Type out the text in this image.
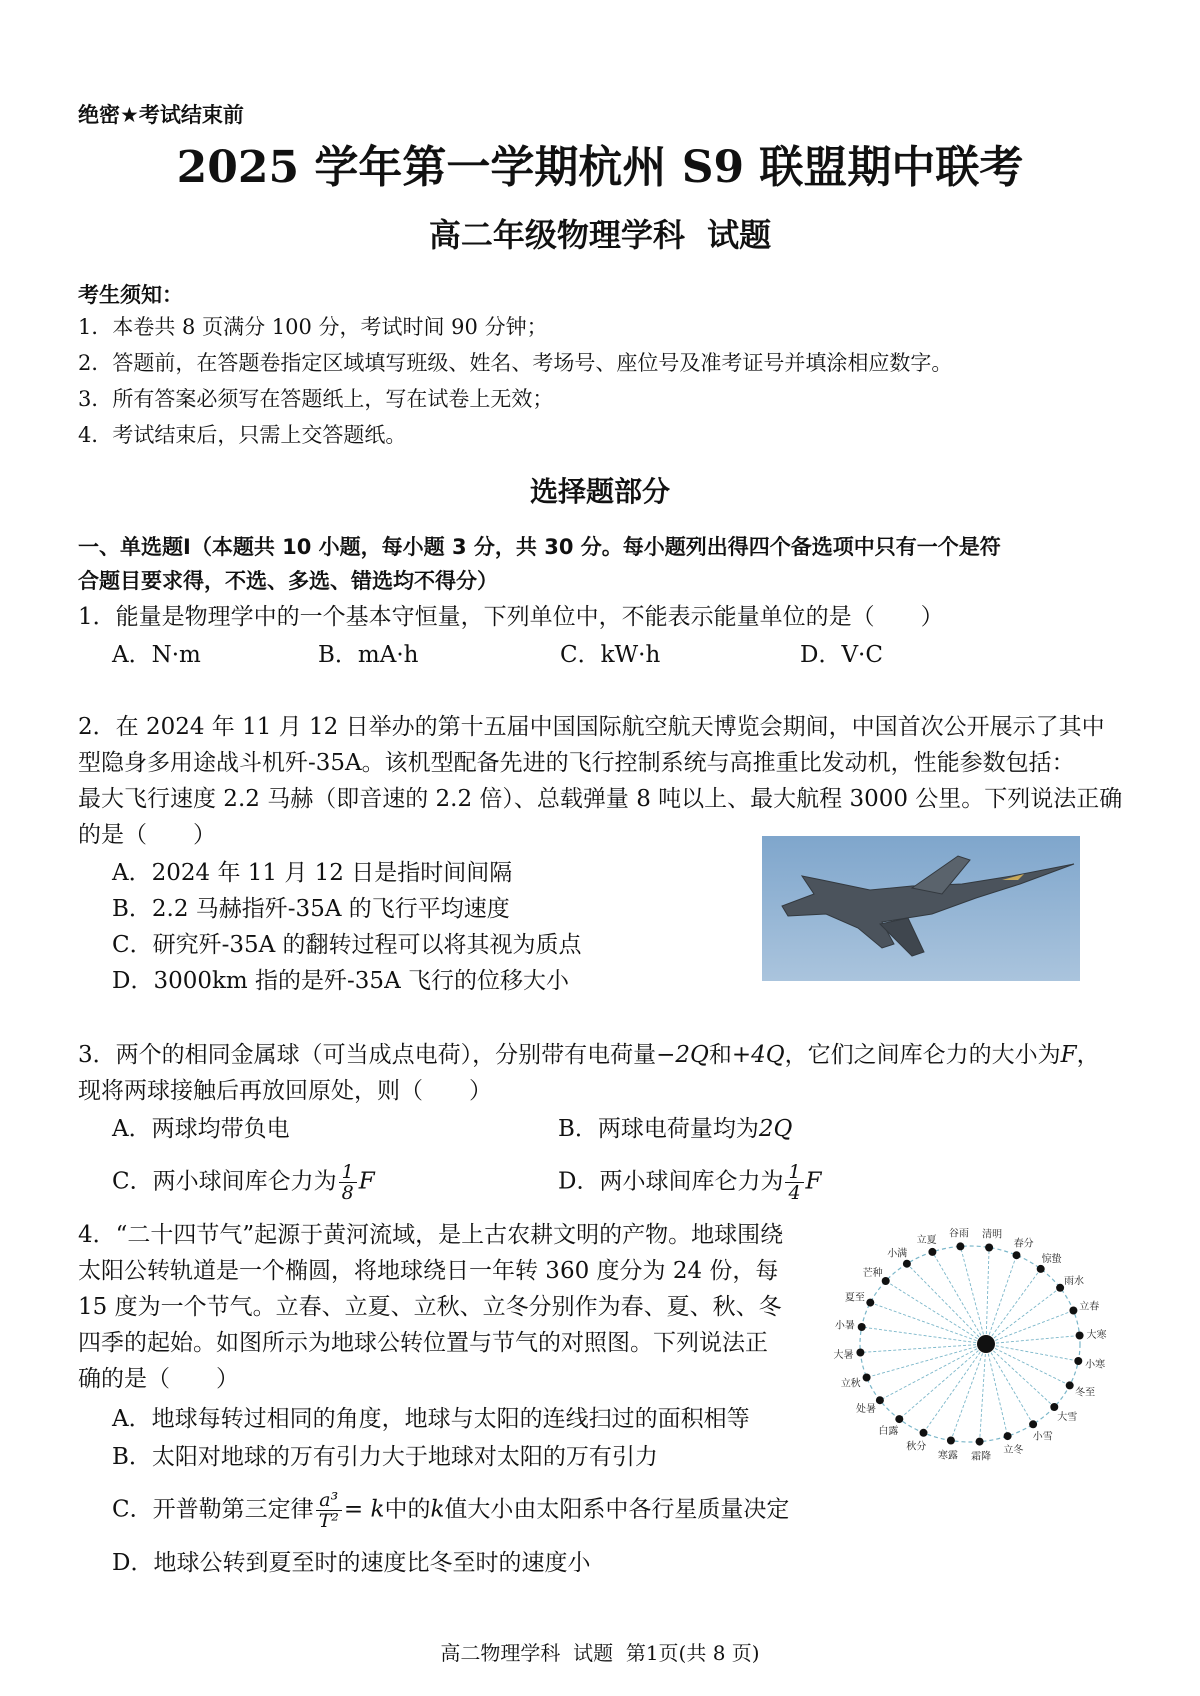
绝密★考试结束前
2025 学年第一学期杭州 S9 联盟期中联考
高二年级物理学科  试题
考生须知：
1．本卷共 8 页满分 100 分，考试时间 90 分钟；
2．答题前，在答题卷指定区域填写班级、姓名、考场号、座位号及准考证号并填涂相应数字。
3．所有答案必须写在答题纸上，写在试卷上无效；
4．考试结束后，只需上交答题纸。
选择题部分
一、单选题Ⅰ（本题共 10 小题，每小题 3 分，共 30 分。每小题列出得四个备选项中只有一个是符
合题目要求得，不选、多选、错选均不得分）
1．能量是物理学中的一个基本守恒量，下列单位中，不能表示能量单位的是（　　）
A．N·m	B．mA·h	C．kW·h	D．V·C
2．在 2024 年 11 月 12 日举办的第十五届中国国际航空航天博览会期间，中国首次公开展示了其中
型隐身多用途战斗机歼-35A。该机型配备先进的飞行控制系统与高推重比发动机，性能参数包括：
最大飞行速度 2.2 马赫（即音速的 2.2 倍）、总载弹量 8 吨以上、最大航程 3000 公里。下列说法正确
的是（　　）
A．2024 年 11 月 12 日是指时间间隔
B．2.2 马赫指歼-35A 的飞行平均速度
C．研究歼-35A 的翻转过程可以将其视为质点
D．3000km 指的是歼-35A 飞行的位移大小
3．两个的相同金属球（可当成点电荷），分别带有电荷量−2Q和+4Q，它们之间库仑力的大小为F，
现将两球接触后再放回原处，则（　　）
A．两球均带负电	B．两球电荷量均为2Q
C．两小球间库仑力为 $\frac{1}{8}$ F	D．两小球间库仑力为 $\frac{1}{4}$ F
4．“二十四节气”起源于黄河流域，是上古农耕文明的产物。地球围绕
太阳公转轨道是一个椭圆，将地球绕日一年转 360 度分为 24 份，每
15 度为一个节气。立春、立夏、立秋、立冬分别作为春、夏、秋、冬
四季的起始。如图所示为地球公转位置与节气的对照图。下列说法正
确的是（　　）
A．地球每转过相同的角度，地球与太阳的连线扫过的面积相等
B．太阳对地球的万有引力大于地球对太阳的万有引力
C．开普勒第三定律 $\frac{\text{a³}}{\text{T²}} = k$中的k值大小由太阳系中各行星质量决定
D．地球公转到夏至时的速度比冬至时的速度小
立夏
谷雨 清明
春分
惊蛰
雨水
立春
大寒
小寒
冬至
大雪
小雪
立冬
霜降
寒露
秋分
白露
处暑
立秋
大暑
小暑
夏至
芒种
小满
高二物理学科  试题  第1页(共 8 页)
